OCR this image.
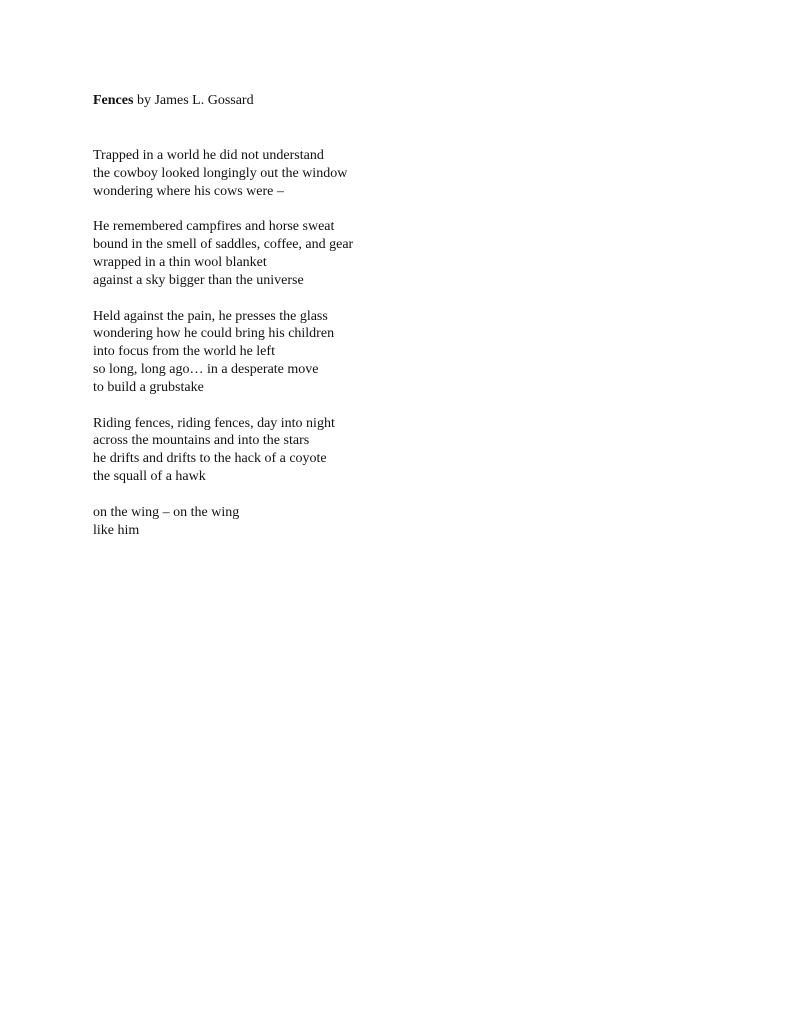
Fences by James L. Gossard

Trapped in a world he did not understand
the cowboy looked longingly out the window
wondering where his cows were –
He remembered campfires and horse sweat
bound in the smell of saddles, coffee, and gear
wrapped in a thin wool blanket
against a sky bigger than the universe
Held against the pain, he presses the glass
wondering how he could bring his children
into focus from the world he left
so long, long ago… in a desperate move
to build a grubstake
Riding fences, riding fences, day into night
across the mountains and into the stars
he drifts and drifts to the hack of a coyote
the squall of a hawk
on the wing – on the wing
like him
